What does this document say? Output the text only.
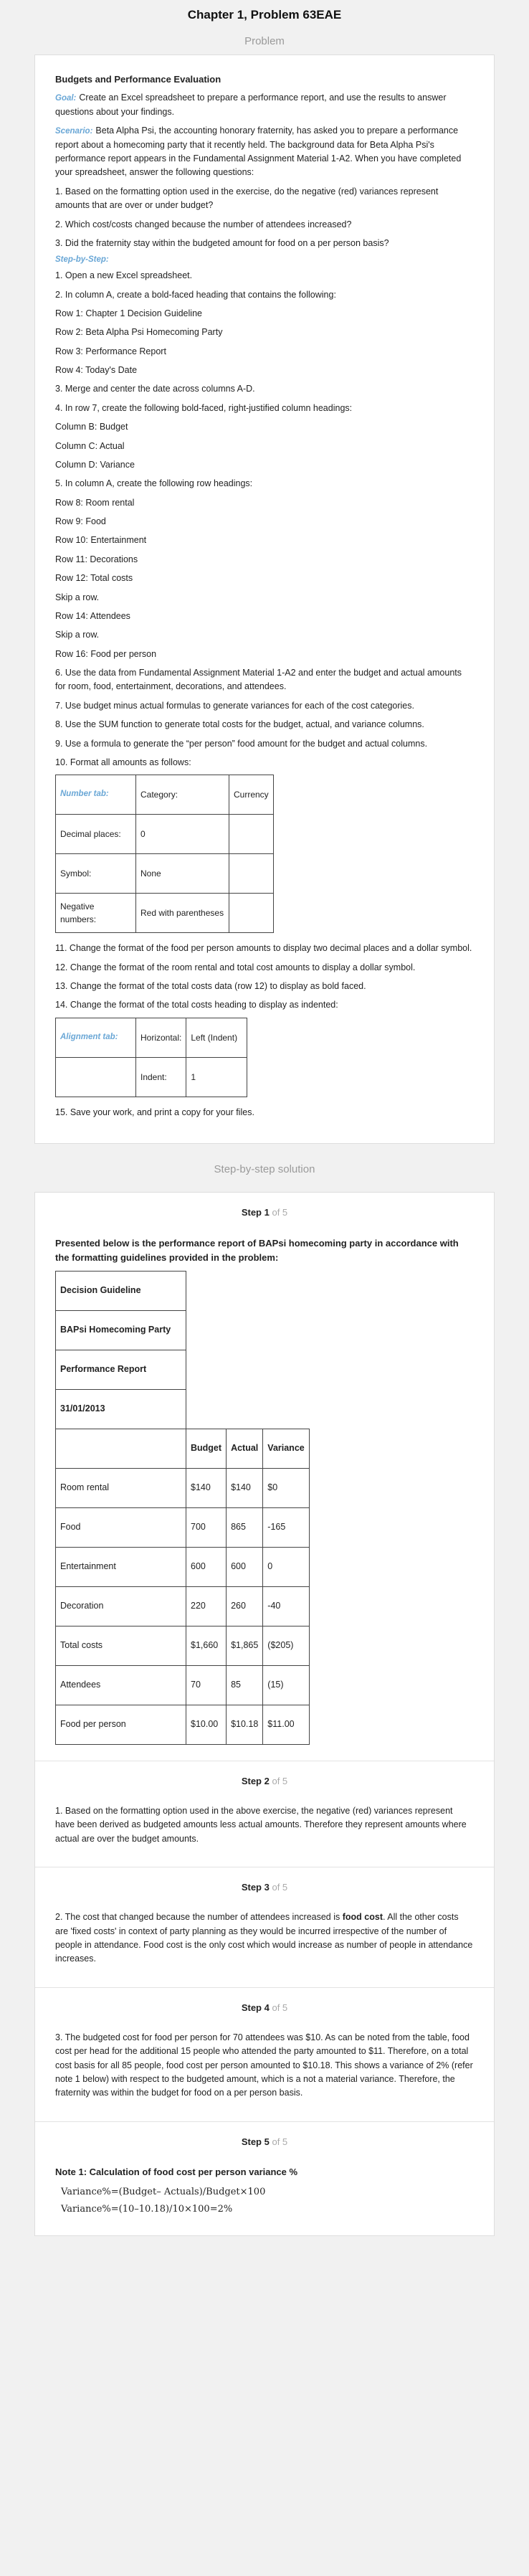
Chapter 1, Problem 63EAE
Problem
Budgets and Performance Evaluation

Goal: Create an Excel spreadsheet to prepare a performance report, and use the results to answer questions about your findings.

Scenario: Beta Alpha Psi, the accounting honorary fraternity, has asked you to prepare a performance report about a homecoming party that it recently held. The background data for Beta Alpha Psi's performance report appears in the Fundamental Assignment Material 1-A2. When you have completed your spreadsheet, answer the following questions:

1. Based on the formatting option used in the exercise, do the negative (red) variances represent amounts that are over or under budget?

2. Which cost/costs changed because the number of attendees increased?

3. Did the fraternity stay within the budgeted amount for food on a per person basis?

Step-by-Step:

1. Open a new Excel spreadsheet.

2. In column A, create a bold-faced heading that contains the following:

Row 1: Chapter 1 Decision Guideline

Row 2: Beta Alpha Psi Homecoming Party

Row 3: Performance Report

Row 4: Today's Date

3. Merge and center the date across columns A-D.

4. In row 7, create the following bold-faced, right-justified column headings:

Column B: Budget

Column C: Actual

Column D: Variance

5. In column A, create the following row headings:

Row 8: Room rental

Row 9: Food

Row 10: Entertainment

Row 11: Decorations

Row 12: Total costs

Skip a row.

Row 14: Attendees

Skip a row.

Row 16: Food per person

6. Use the data from Fundamental Assignment Material 1-A2 and enter the budget and actual amounts for room, food, entertainment, decorations, and attendees.

7. Use budget minus actual formulas to generate variances for each of the cost categories.

8. Use the SUM function to generate total costs for the budget, actual, and variance columns.

9. Use a formula to generate the “per person” food amount for the budget and actual columns.

10. Format all amounts as follows:

Number tab:	Category:	Currency
Decimal places:	0	
Symbol:	None	
Negative numbers:	Red with parentheses	

11. Change the format of the food per person amounts to display two decimal places and a dollar symbol.

12. Change the format of the room rental and total cost amounts to display a dollar symbol.

13. Change the format of the total costs data (row 12) to display as bold faced.

14. Change the format of the total costs heading to display as indented:

Alignment tab:	Horizontal:	Left (Indent)
	Indent:	1

15. Save your work, and print a copy for your files.

Step-by-step solution
Step 1 of 5
Presented below is the performance report of BAPsi homecoming party in accordance with the formatting guidelines provided in the problem:
Decision Guideline			
BAPsi Homecoming Party			
Performance Report			
31/01/2013			
	Budget	Actual	Variance
Room rental	$140	$140	$0
Food	700	865	-165
Entertainment	600	600	0
Decoration	220	260	-40
Total costs	$1,660	$1,865	($205)
Attendees	70	85	(15)
Food per person	$10.00	$10.18	$11.00
Step 2 of 5

1. Based on the formatting option used in the above exercise, the negative (red) variances represent have been derived as budgeted amounts less actual amounts. Therefore they represent amounts where actual are over the budget amounts.

Step 3 of 5

2. The cost that changed because the number of attendees increased is food cost. All the other costs are 'fixed costs' in context of party planning as they would be incurred irrespective of the number of people in attendance. Food cost is the only cost which would increase as number of people in attendance increases.

Step 4 of 5

3. The budgeted cost for food per person for 70 attendees was $10. As can be noted from the table, food cost per head for the additional 15 people who attended the party amounted to $11. Therefore, on a total cost basis for all 85 people, food cost per person amounted to $10.18. This shows a variance of 2% (refer note 1 below) with respect to the budgeted amount, which is a not a material variance. Therefore, the fraternity was within the budget for food on a per person basis.

Step 5 of 5
Note 1: Calculation of food cost per person variance %
Variance%=(Budget– Actuals)/Budget×100
Variance%=(10–10.18)/10×100=2%
